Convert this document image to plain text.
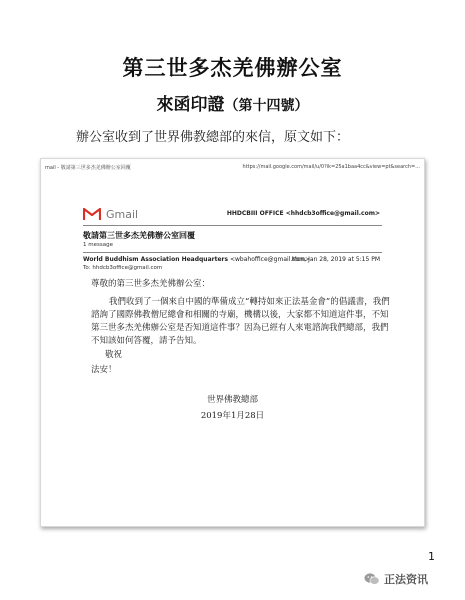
第三世多杰羌佛辦公室
來函印證（第十四號）
辦公室收到了世界佛教總部的來信，原文如下：
mail - 敬請第三世多杰羌佛辦公室回覆	https://mail.google.com/mail/u/0?ik=25a1baa4cc&view=pt&search=...
Gmail	HHDCBIII OFFICE <hhdcb3office@gmail.com>
敬請第三世多杰羌佛辦公室回覆
1 message
World Buddhism Association Headquarters <wbahoffice@gmail.com>
Mon, Jan 28, 2019 at 5:15 PM
To: hhdcb3office@gmail.com

尊敬的第三世多杰羌佛辦公室：

我們收到了一個來自中國的準備成立“轉持如來正法基金會”的倡議書，我們諮詢了國際佛教僧尼總會和相關的寺廟，機構以後，大家都不知道這件事，不知第三世多杰羌佛辦公室是否知道這件事？因為已經有人來電諮詢我們總部，我們不知該如何答覆，請予告知。

敬祝

法安！

世界佛教總部
2019年1月28日
1
正法资讯
